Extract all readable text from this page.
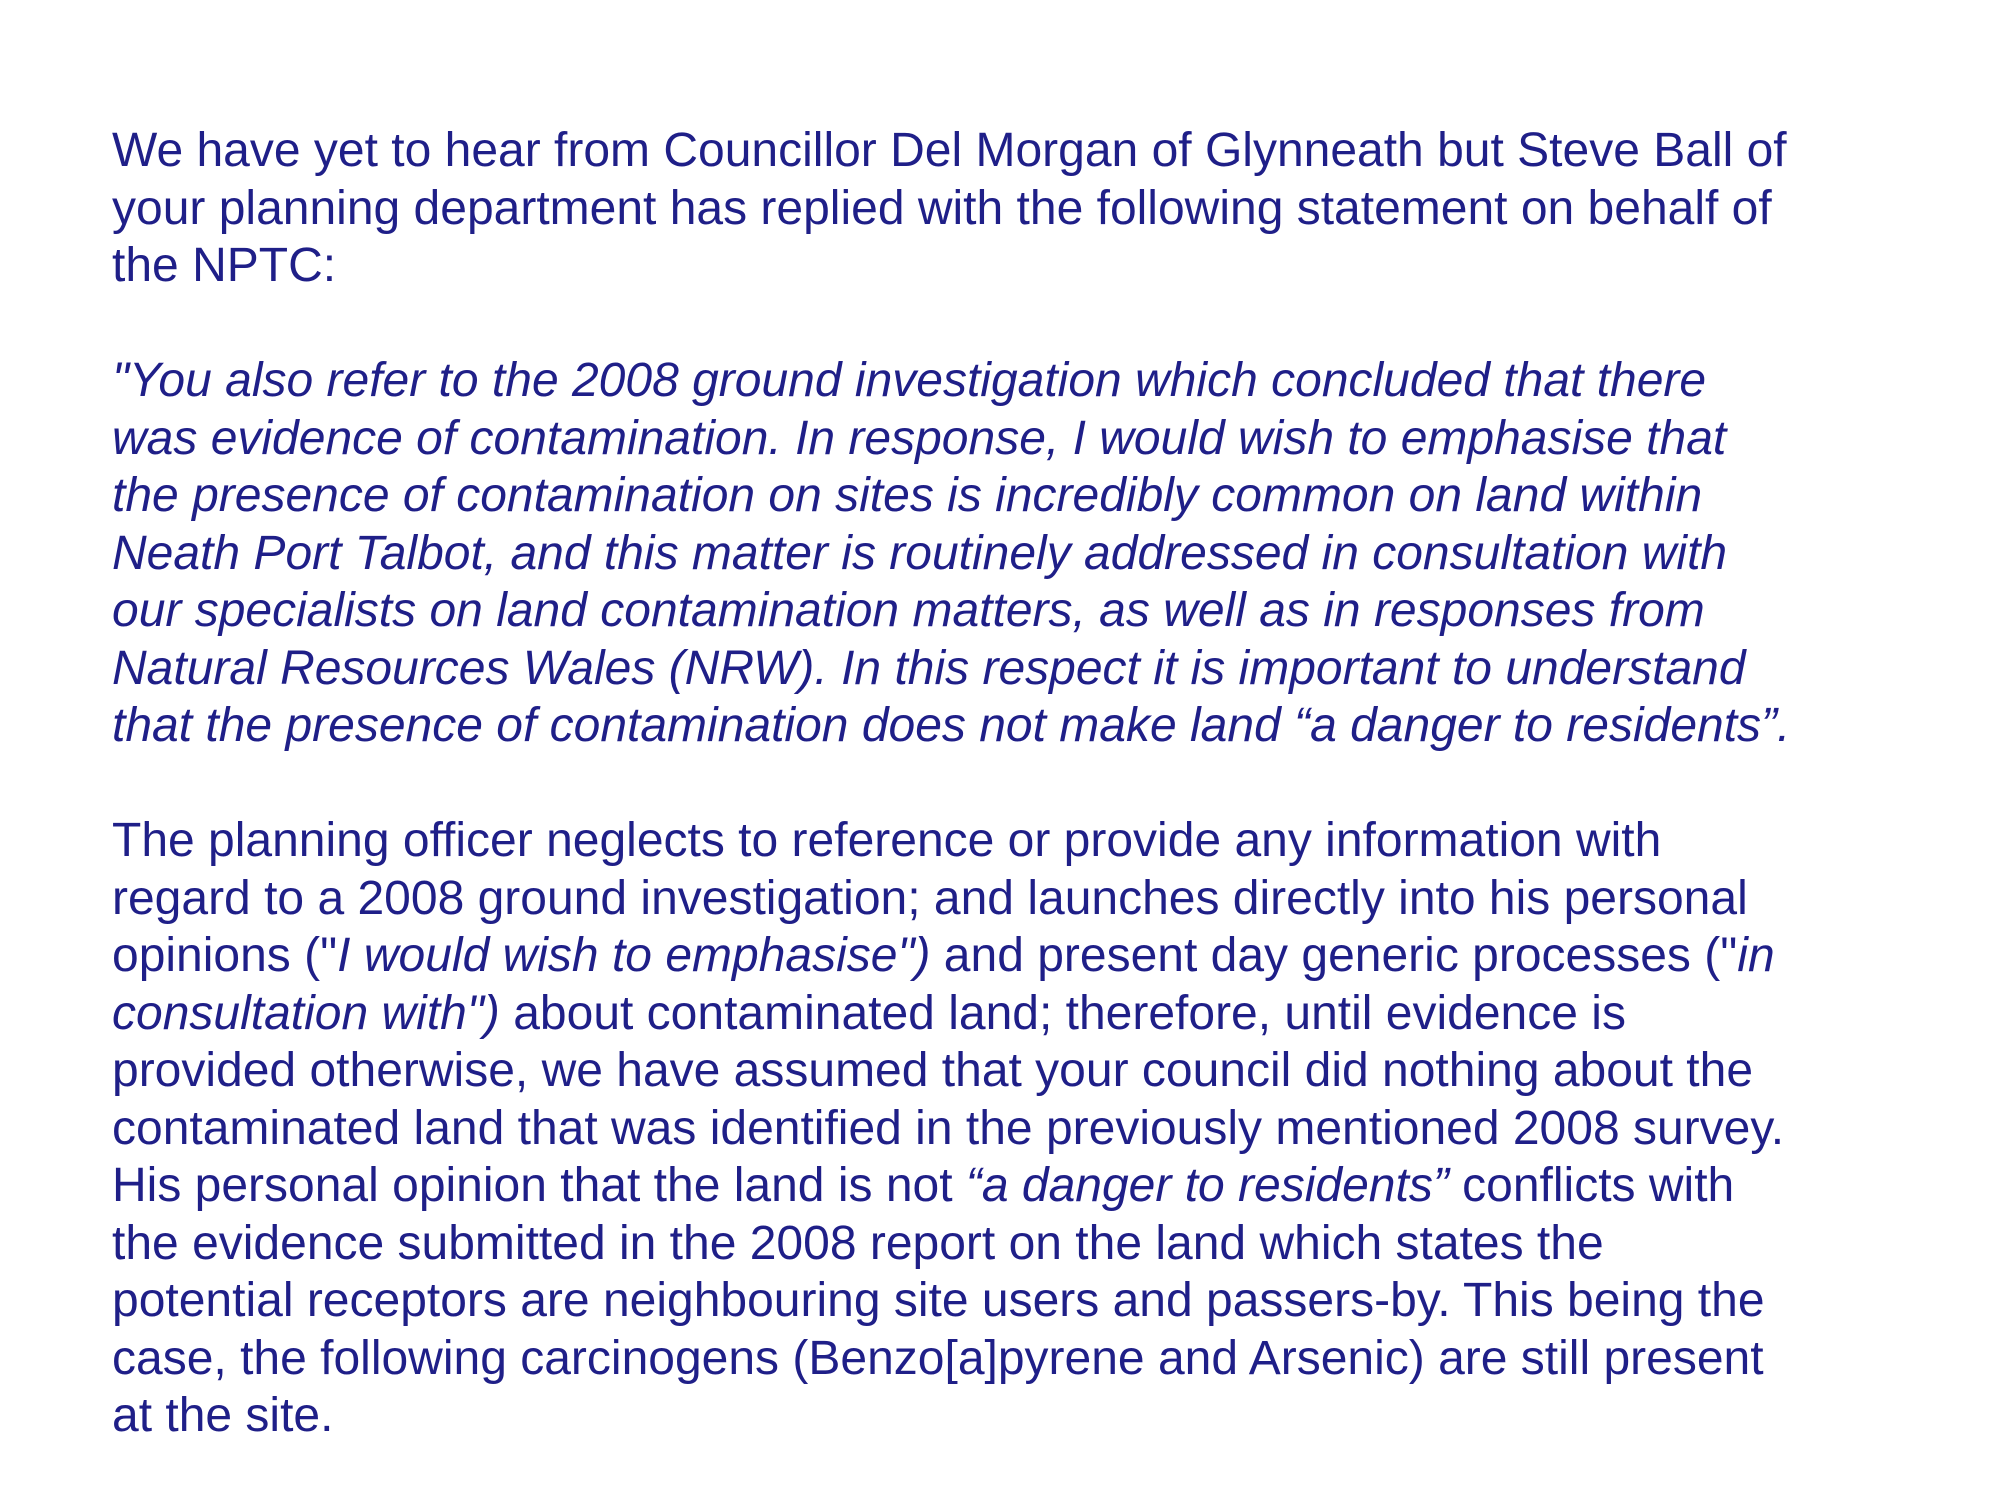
We have yet to hear from Councillor Del Morgan of Glynneath but Steve Ball of
your planning department has replied with the following statement on behalf of
the NPTC:
"You also refer to the 2008 ground investigation which concluded that there
was evidence of contamination. In response, I would wish to emphasise that
the presence of contamination on sites is incredibly common on land within
Neath Port Talbot, and this matter is routinely addressed in consultation with
our specialists on land contamination matters, as well as in responses from
Natural Resources Wales (NRW). In this respect it is important to understand
that the presence of contamination does not make land “a danger to residents”.
The planning officer neglects to reference or provide any information with
regard to a 2008 ground investigation; and launches directly into his personal
opinions ("I would wish to emphasise") and present day generic processes ("in
consultation with") about contaminated land; therefore, until evidence is
provided otherwise, we have assumed that your council did nothing about the
contaminated land that was identified in the previously mentioned 2008 survey.
His personal opinion that the land is not “a danger to residents” conflicts with
the evidence submitted in the 2008 report on the land which states the
potential receptors are neighbouring site users and passers-by. This being the
case, the following carcinogens (Benzo[a]pyrene and Arsenic) are still present
at the site.
